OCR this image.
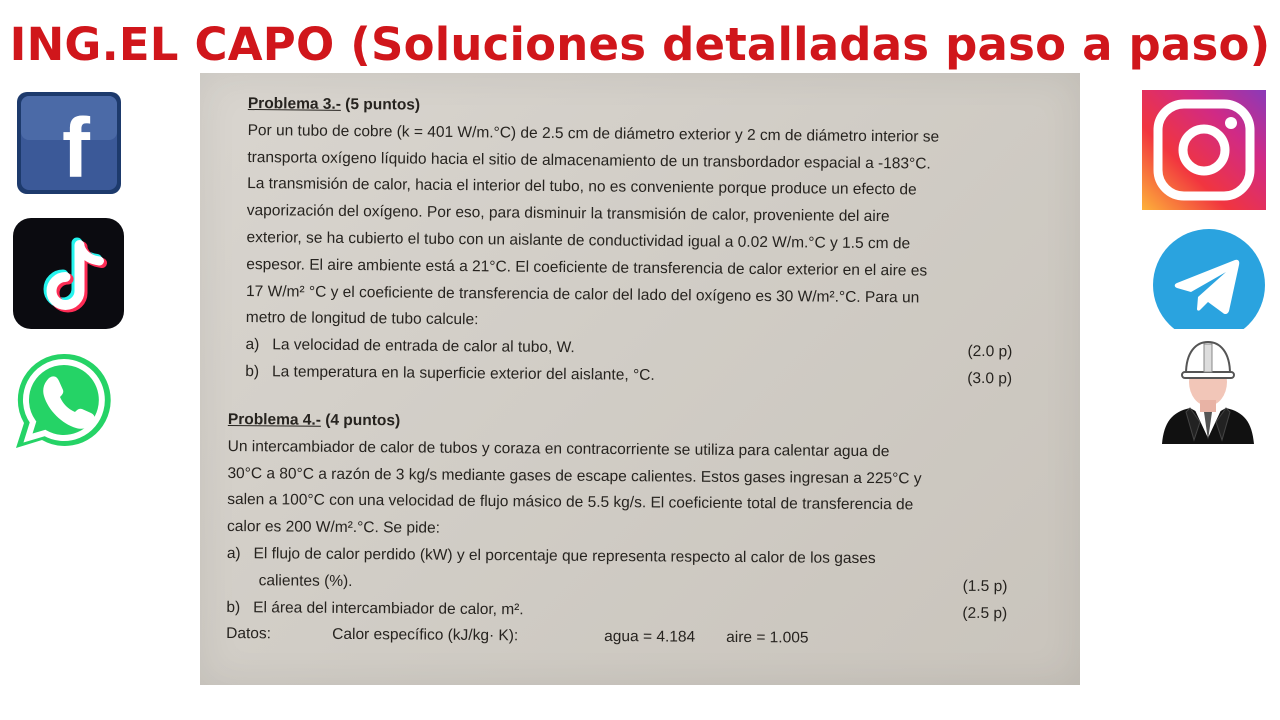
ING.EL CAPO (Soluciones detalladas paso a paso)
f	Problema 3.- (5 puntos)
Por un tubo de cobre (k = 401 W/m.°C) de 2.5 cm de diámetro exterior y 2 cm de diámetro interior se
transporta oxígeno líquido hacia el sitio de almacenamiento de un transbordador espacial a -183°C.
La transmisión de calor, hacia el interior del tubo, no es conveniente porque produce un efecto de
vaporización del oxígeno. Por eso, para disminuir la transmisión de calor, proveniente del aire
exterior, se ha cubierto el tubo con un aislante de conductividad igual a 0.02 W/m.°C y 1.5 cm de
espesor. El aire ambiente está a 21°C. El coeficiente de transferencia de calor exterior en el aire es
17 W/m² °C y el coeficiente de transferencia de calor del lado del oxígeno es 30 W/m².°C. Para un
metro de longitud de tubo calcule:
a) La velocidad de entrada de calor al tubo, W.	(2.0 p)
b) La temperatura en la superficie exterior del aislante, °C.	(3.0 p)
Problema 4.- (4 puntos)
Un intercambiador de calor de tubos y coraza en contracorriente se utiliza para calentar agua de
30°C a 80°C a razón de 3 kg/s mediante gases de escape calientes. Estos gases ingresan a 225°C y
salen a 100°C con una velocidad de flujo másico de 5.5 kg/s. El coeficiente total de transferencia de
calor es 200 W/m².°C. Se pide:
a) El flujo de calor perdido (kW) y el porcentaje que representa respecto al calor de los gases
calientes (%).	(1.5 p)
b) El área del intercambiador de calor, m².	(2.5 p)
Datos:	Calor específico (kJ/kg· K):	agua = 4.184 aire = 1.005
